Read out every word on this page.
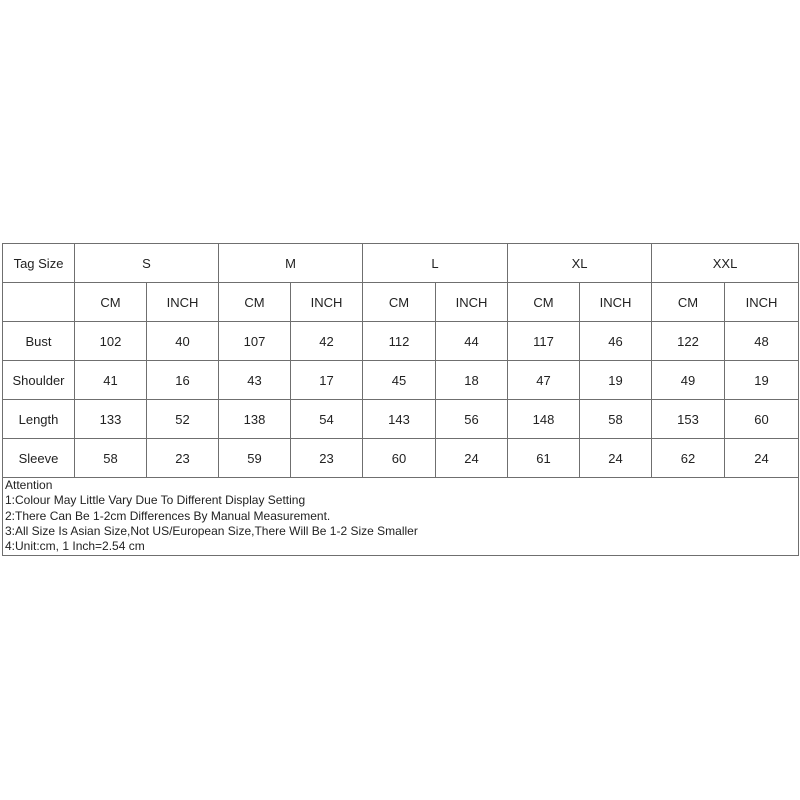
Tag Size	S		M		L		XL		XXL	
	CM	INCH	CM	INCH	CM	INCH	CM	INCH	CM	INCH
Bust	102	40	107	42	112	44	117	46	122	48
Shoulder	41	16	43	17	45	18	47	19	49	19
Length	133	52	138	54	143	56	148	58	153	60
Sleeve	58	23	59	23	60	24	61	24	62	24

Attention
1:Colour May Little Vary Due To Different Display Setting
2:There Can Be 1-2cm Differences By Manual Measurement.
3:All Size Is Asian Size,Not US/European Size,There Will Be 1-2 Size Smaller
4:Unit:cm, 1 Inch=2.54 cm										
